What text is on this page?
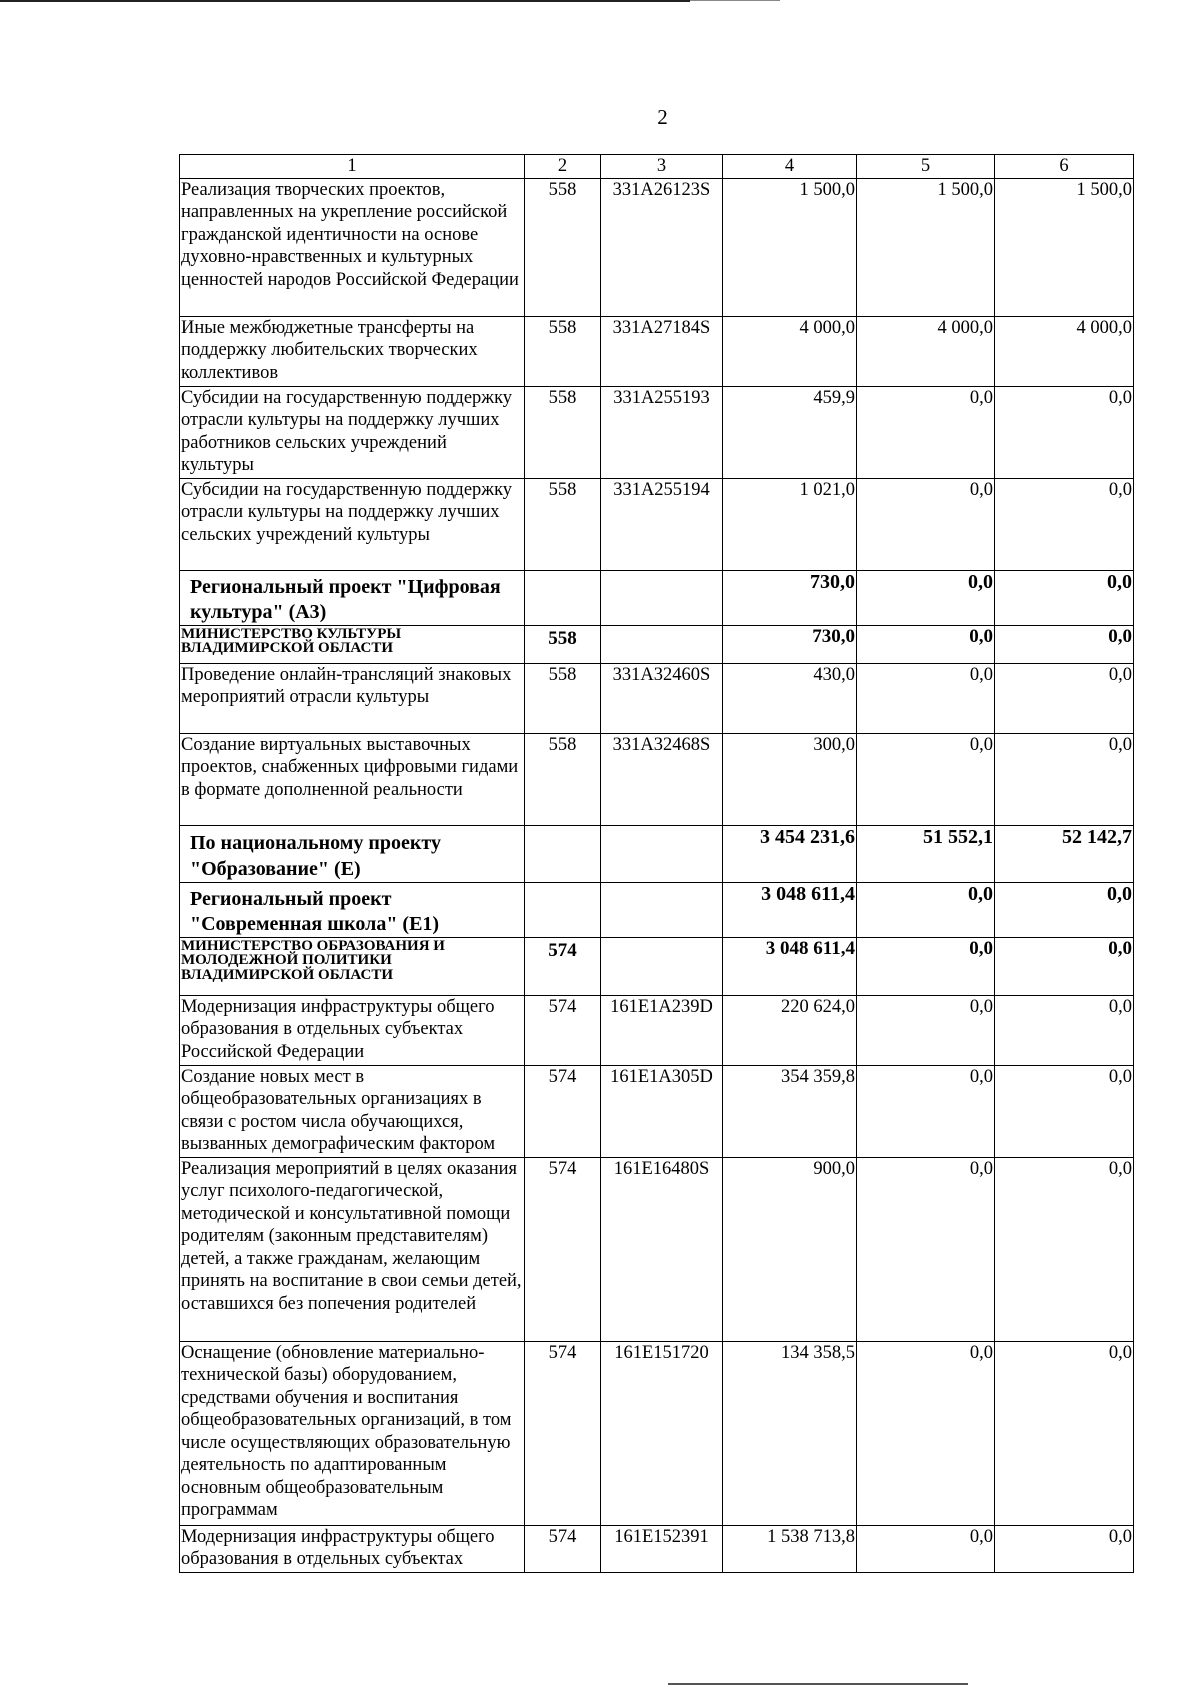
2
1	2	3	4	5	6
Реализация творческих проектов, направленных на укрепление российской гражданской идентичности на основе духовно-нравственных и культурных ценностей народов Российской Федерации	558	331A26123S	1 500,0	1 500,0	1 500,0
Иные межбюджетные трансферты на поддержку любительских творческих коллективов	558	331A27184S	4 000,0	4 000,0	4 000,0
Субсидии на государственную поддержку отрасли культуры на поддержку лучших работников сельских учреждений культуры	558	331A255193	459,9	0,0	0,0
Субсидии на государственную поддержку отрасли культуры на поддержку лучших сельских учреждений культуры	558	331A255194	1 021,0	0,0	0,0
Региональный проект "Цифровая культура" (А3)			730,0	0,0	0,0
МИНИСТЕРСТВО КУЛЬТУРЫ ВЛАДИМИРСКОЙ ОБЛАСТИ	558		730,0	0,0	0,0
Проведение онлайн-трансляций знаковых мероприятий отрасли культуры	558	331A32460S	430,0	0,0	0,0
Создание виртуальных выставочных проектов, снабженных цифровыми гидами в формате дополненной реальности	558	331A32468S	300,0	0,0	0,0
По национальному проекту "Образование" (Е)			3 454 231,6	51 552,1	52 142,7
Региональный проект "Современная школа" (Е1)			3 048 611,4	0,0	0,0
МИНИСТЕРСТВО ОБРАЗОВАНИЯ И МОЛОДЕЖНОЙ ПОЛИТИКИ ВЛАДИМИРСКОЙ ОБЛАСТИ	574		3 048 611,4	0,0	0,0
Модернизация инфраструктуры общего образования в отдельных субъектах Российской Федерации	574	161E1A239D	220 624,0	0,0	0,0
Создание новых мест в общеобразовательных организациях в связи с ростом числа обучающихся, вызванных демографическим фактором	574	161E1A305D	354 359,8	0,0	0,0
Реализация мероприятий в целях оказания услуг психолого-педагогической, методической и консультативной помощи родителям (законным представителям) детей, а также гражданам, желающим принять на воспитание в свои семьи детей, оставшихся без попечения родителей	574	161E16480S	900,0	0,0	0,0
Оснащение (обновление материально-технической базы) оборудованием, средствами обучения и воспитания общеобразовательных организаций, в том числе осуществляющих образовательную деятельность по адаптированным основным общеобразовательным программам	574	161E151720	134 358,5	0,0	0,0
Модернизация инфраструктуры общего образования в отдельных субъектах	574	161E152391	1 538 713,8	0,0	0,0
